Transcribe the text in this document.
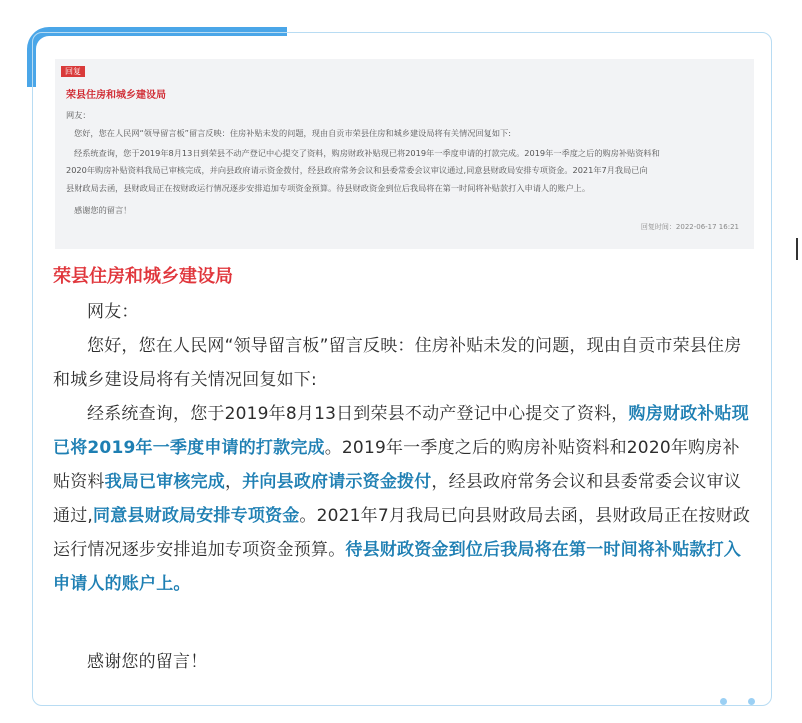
回复
荣县住房和城乡建设局
网友：
您好，您在人民网“领导留言板”留言反映：住房补贴未发的问题，现由自贡市荣县住房和城乡建设局将有关情况回复如下:
经系统查询，您于2019年8月13日到荣县不动产登记中心提交了资料，购房财政补贴现已将2019年一季度申请的打款完成。2019年一季度之后的购房补贴资料和
2020年购房补贴资料我局已审核完成，并向县政府请示资金拨付，经县政府常务会议和县委常委会议审议通过,同意县财政局安排专项资金。2021年7月我局已向
县财政局去函，县财政局正在按财政运行情况逐步安排追加专项资金预算。待县财政资金到位后我局将在第一时间将补贴款打入申请人的账户上。
感谢您的留言！
回复时间：2022-06-17 16:21
荣县住房和城乡建设局
网友：
您好，您在人民网“领导留言板”留言反映：住房补贴未发的问题，现由自贡市荣县住房和城乡建设局将有关情况回复如下:
经系统查询，您于2019年8月13日到荣县不动产登记中心提交了资料，购房财政补贴现已将2019年一季度申请的打款完成。2019年一季度之后的购房补贴资料和2020年购房补贴资料我局已审核完成，并向县政府请示资金拨付，经县政府常务会议和县委常委会议审议通过,同意县财政局安排专项资金。2021年7月我局已向县财政局去函，县财政局正在按财政运行情况逐步安排追加专项资金预算。待县财政资金到位后我局将在第一时间将补贴款打入申请人的账户上。
感谢您的留言！
